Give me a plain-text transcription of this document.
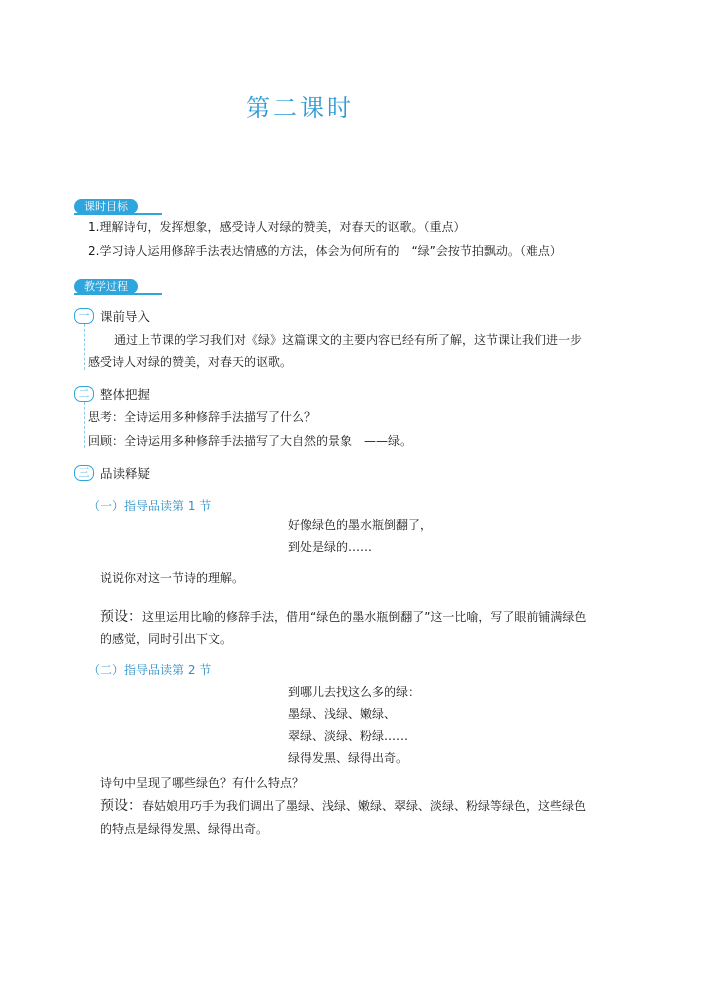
第二课时
课时目标

1.理解诗句，发挥想象，感受诗人对绿的赞美，对春天的讴歌。（重点）

2.学习诗人运用修辞手法表达情感的方法，体会为何所有的　“绿”会按节拍飘动。（难点）

教学过程
一 课前导入

通过上节课的学习我们对《绿》这篇课文的主要内容已经有所了解，这节课让我们进一步

感受诗人对绿的赞美，对春天的讴歌。

二 整体把握

思考：全诗运用多种修辞手法描写了什么？

回顾：全诗运用多种修辞手法描写了大自然的景象　——绿。

三 品读释疑
（一）指导品读第 1 节
好像绿色的墨水瓶倒翻了，
到处是绿的……

说说你对这一节诗的理解。

预设：这里运用比喻的修辞手法，借用“绿色的墨水瓶倒翻了”这一比喻，写了眼前铺满绿色

的感觉，同时引出下文。

（二）指导品读第 2 节
到哪儿去找这么多的绿：
墨绿、浅绿、嫩绿、
翠绿、淡绿、粉绿……
绿得发黑、绿得出奇。

诗句中呈现了哪些绿色？有什么特点？

预设：春姑娘用巧手为我们调出了墨绿、浅绿、嫩绿、翠绿、淡绿、粉绿等绿色，这些绿色

的特点是绿得发黑、绿得出奇。
